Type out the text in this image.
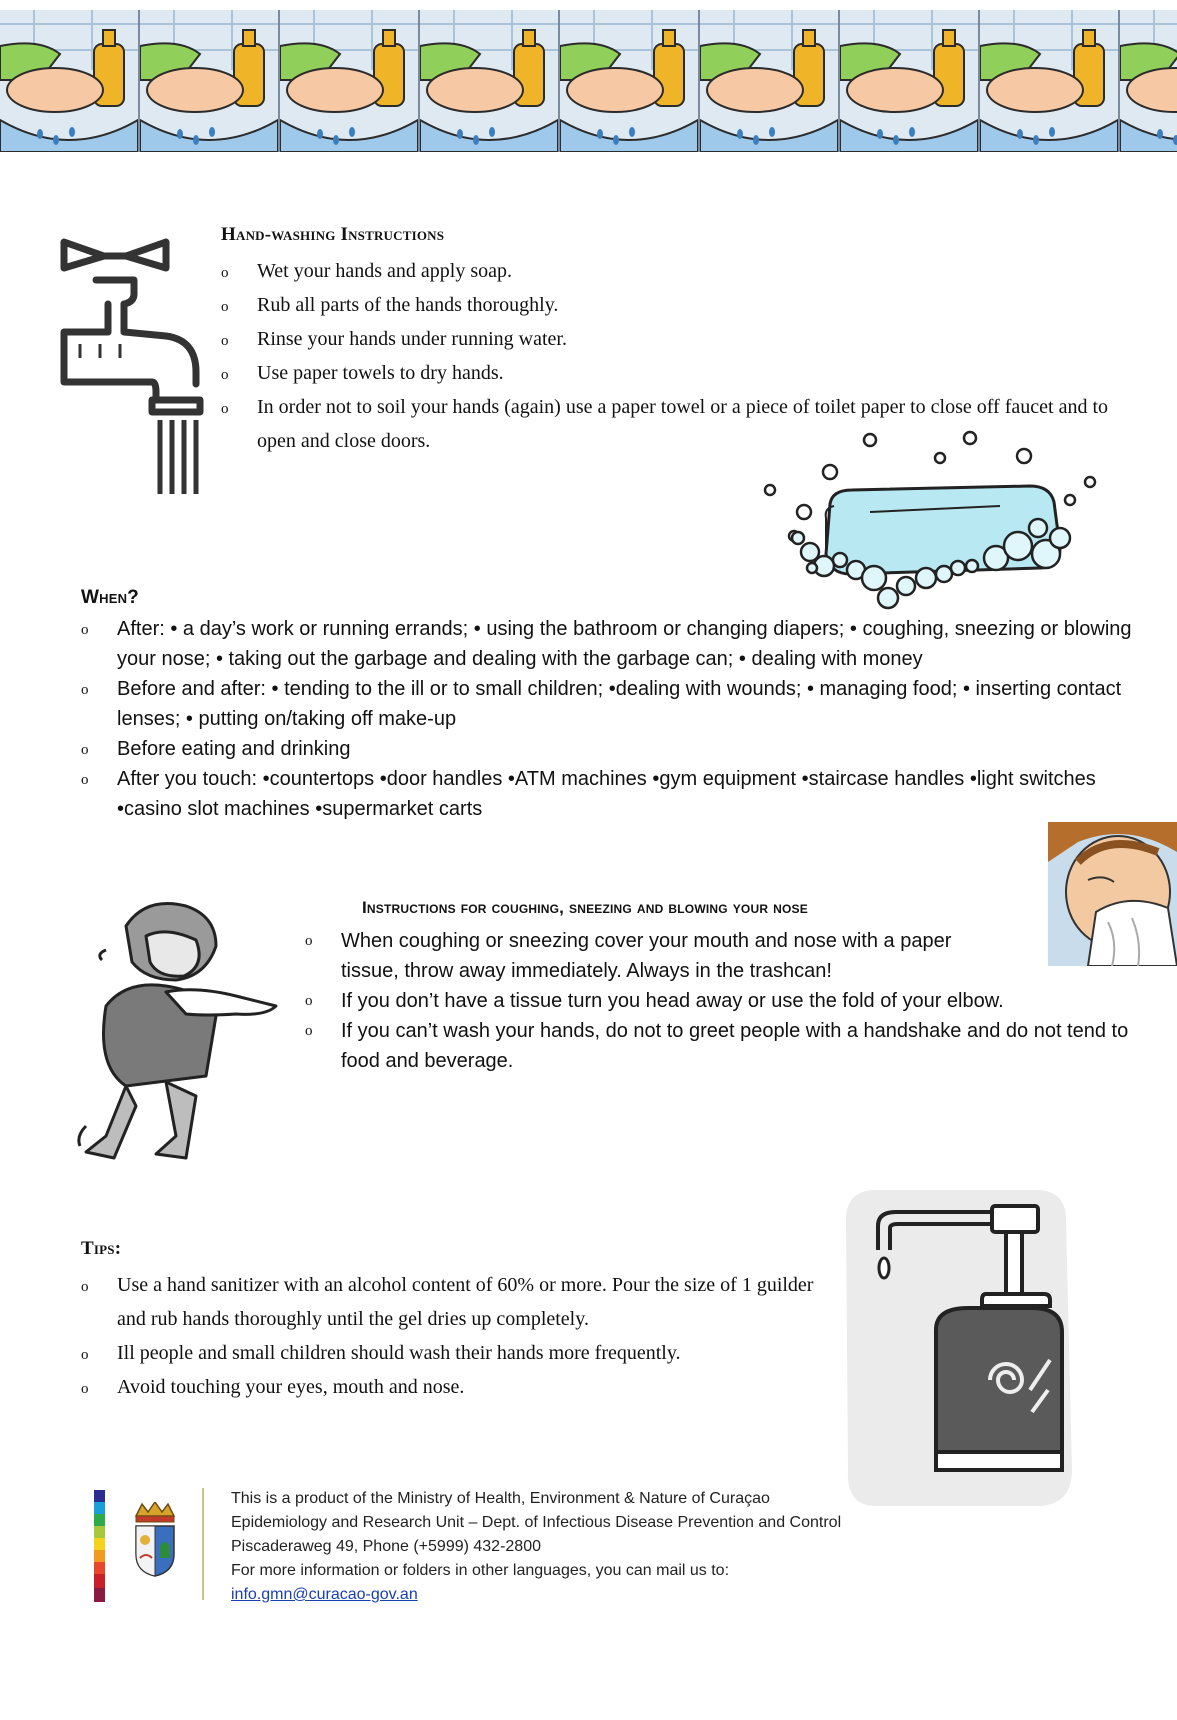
Hand-washing Instructions
o Wet your hands and apply soap.
o Rub all parts of the hands thoroughly.
o Rinse your hands under running water.
o Use paper towels to dry hands.
o In order not to soil your hands (again) use a paper towel or a piece of toilet paper to close off faucet and to open and close doors.
When?
o After: • a day’s work or running errands; • using the bathroom or changing diapers; • coughing, sneezing or blowing your nose; • taking out the garbage and dealing with the garbage can; • dealing with money
o Before and after: • tending to the ill or to small children; •dealing with wounds; • managing food; • inserting contact lenses; • putting on/taking off make-up
o Before eating and drinking
o After you touch: •countertops •door handles •ATM machines •gym equipment •staircase handles •light switches •casino slot machines •supermarket carts
Instructions for coughing, sneezing and blowing your nose
o When coughing or sneezing cover your mouth and nose with a paper tissue, throw away immediately. Always in the trashcan!
o If you don’t have a tissue turn you head away or use the fold of your elbow.
o If you can’t wash your hands, do not to greet people with a handshake and do not tend to food and beverage.
Tips:
o Use a hand sanitizer with an alcohol content of 60% or more. Pour the size of 1 guilder and rub hands thoroughly until the gel dries up completely.
o Ill people and small children should wash their hands more frequently.
o Avoid touching your eyes, mouth and nose.
This is a product of the Ministry of Health, Environment & Nature of Curaçao
Epidemiology and Research Unit – Dept. of Infectious Disease Prevention and Control
Piscaderaweg 49, Phone (+5999) 432-2800
For more information or folders in other languages, you can mail us to: info.gmn@curacao-gov.an
